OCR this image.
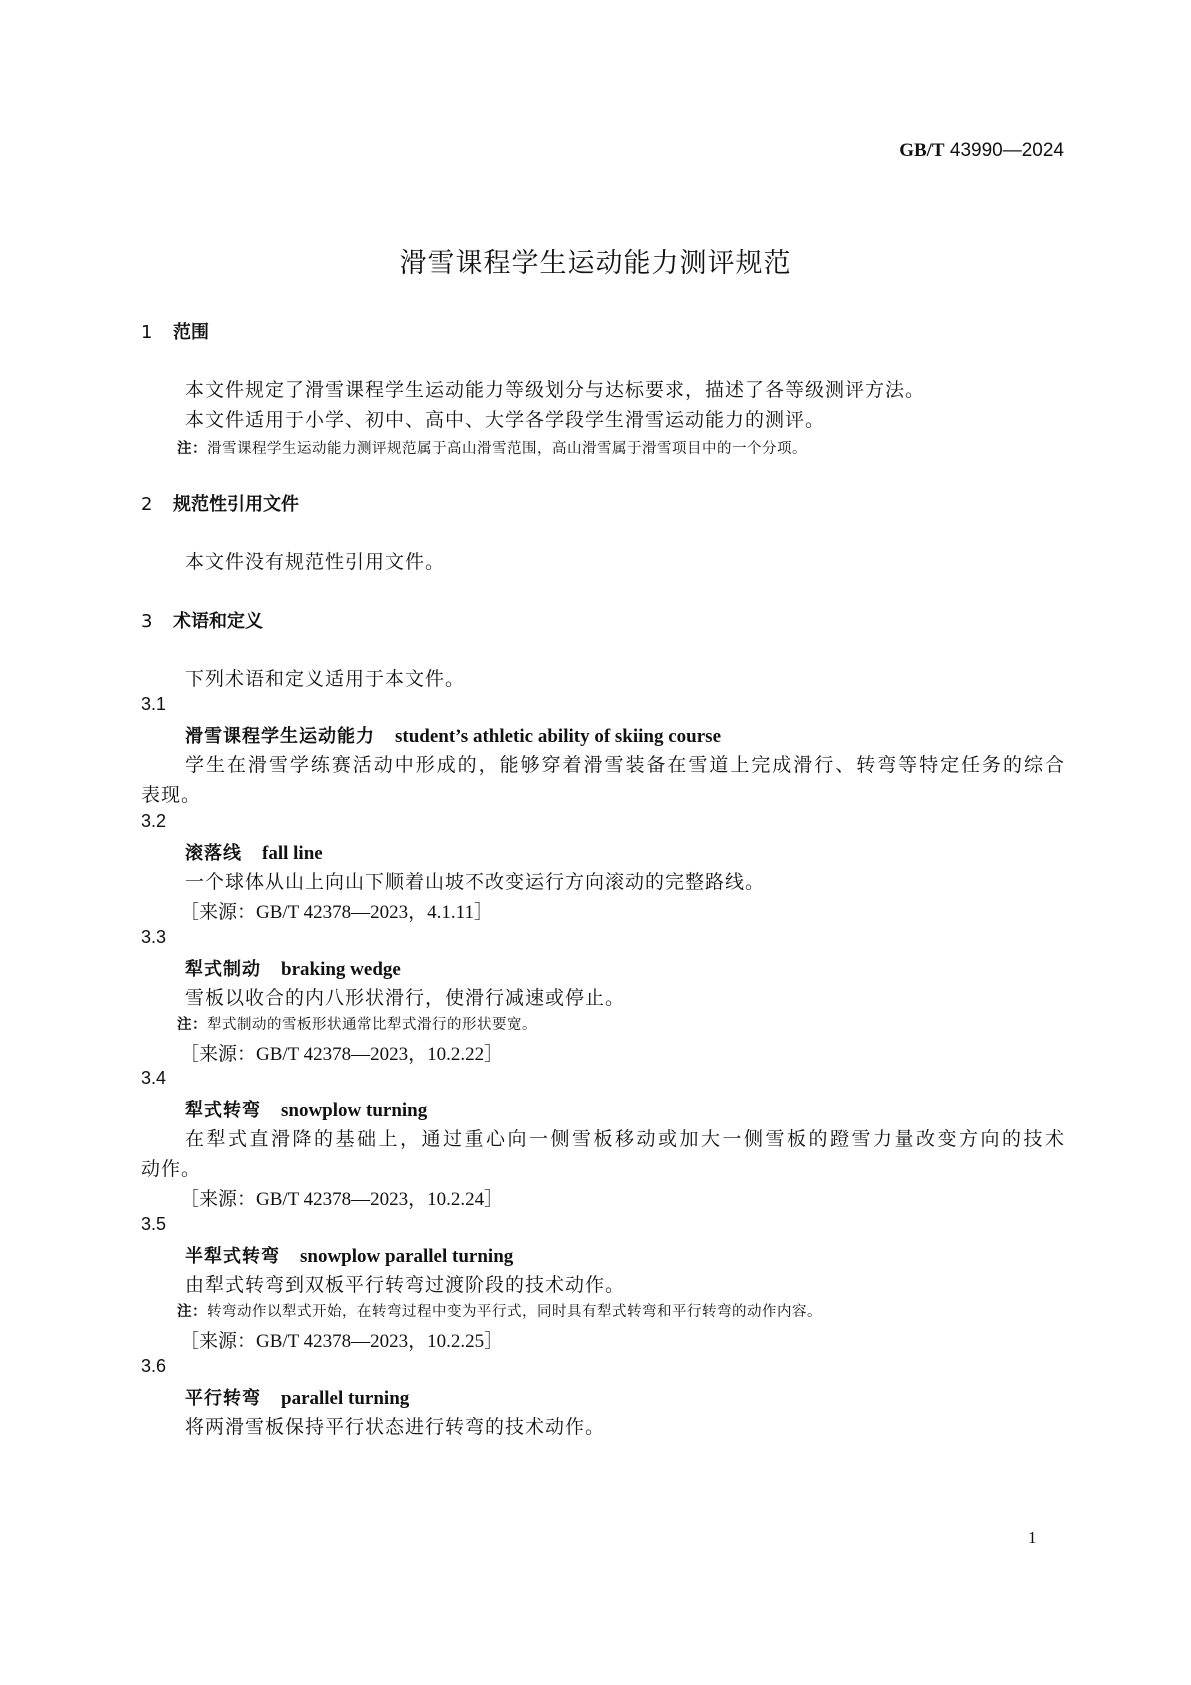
GB/T 43990—2024
滑雪课程学生运动能力测评规范
1 范围
本文件规定了滑雪课程学生运动能力等级划分与达标要求，描述了各等级测评方法。
本文件适用于小学、初中、高中、大学各学段学生滑雪运动能力的测评。
注：滑雪课程学生运动能力测评规范属于高山滑雪范围，高山滑雪属于滑雪项目中的一个分项。
2 规范性引用文件
本文件没有规范性引用文件。
3 术语和定义
下列术语和定义适用于本文件。
3.1
滑雪课程学生运动能力 student’s athletic ability of skiing course
学生在滑雪学练赛活动中形成的，能够穿着滑雪装备在雪道上完成滑行、转弯等特定任务的综合
表现。
3.2
滚落线 fall line
一个球体从山上向山下顺着山坡不改变运行方向滚动的完整路线。
［来源：GB/T 42378—2023，4.1.11］
3.3
犁式制动 braking wedge
雪板以收合的内八形状滑行，使滑行减速或停止。
注：犁式制动的雪板形状通常比犁式滑行的形状要宽。
［来源：GB/T 42378—2023，10.2.22］
3.4
犁式转弯 snowplow turning
在犁式直滑降的基础上，通过重心向一侧雪板移动或加大一侧雪板的蹬雪力量改变方向的技术
动作。
［来源：GB/T 42378—2023，10.2.24］
3.5
半犁式转弯 snowplow parallel turning
由犁式转弯到双板平行转弯过渡阶段的技术动作。
注：转弯动作以犁式开始，在转弯过程中变为平行式，同时具有犁式转弯和平行转弯的动作内容。
［来源：GB/T 42378—2023，10.2.25］
3.6
平行转弯 parallel turning
将两滑雪板保持平行状态进行转弯的技术动作。
1
